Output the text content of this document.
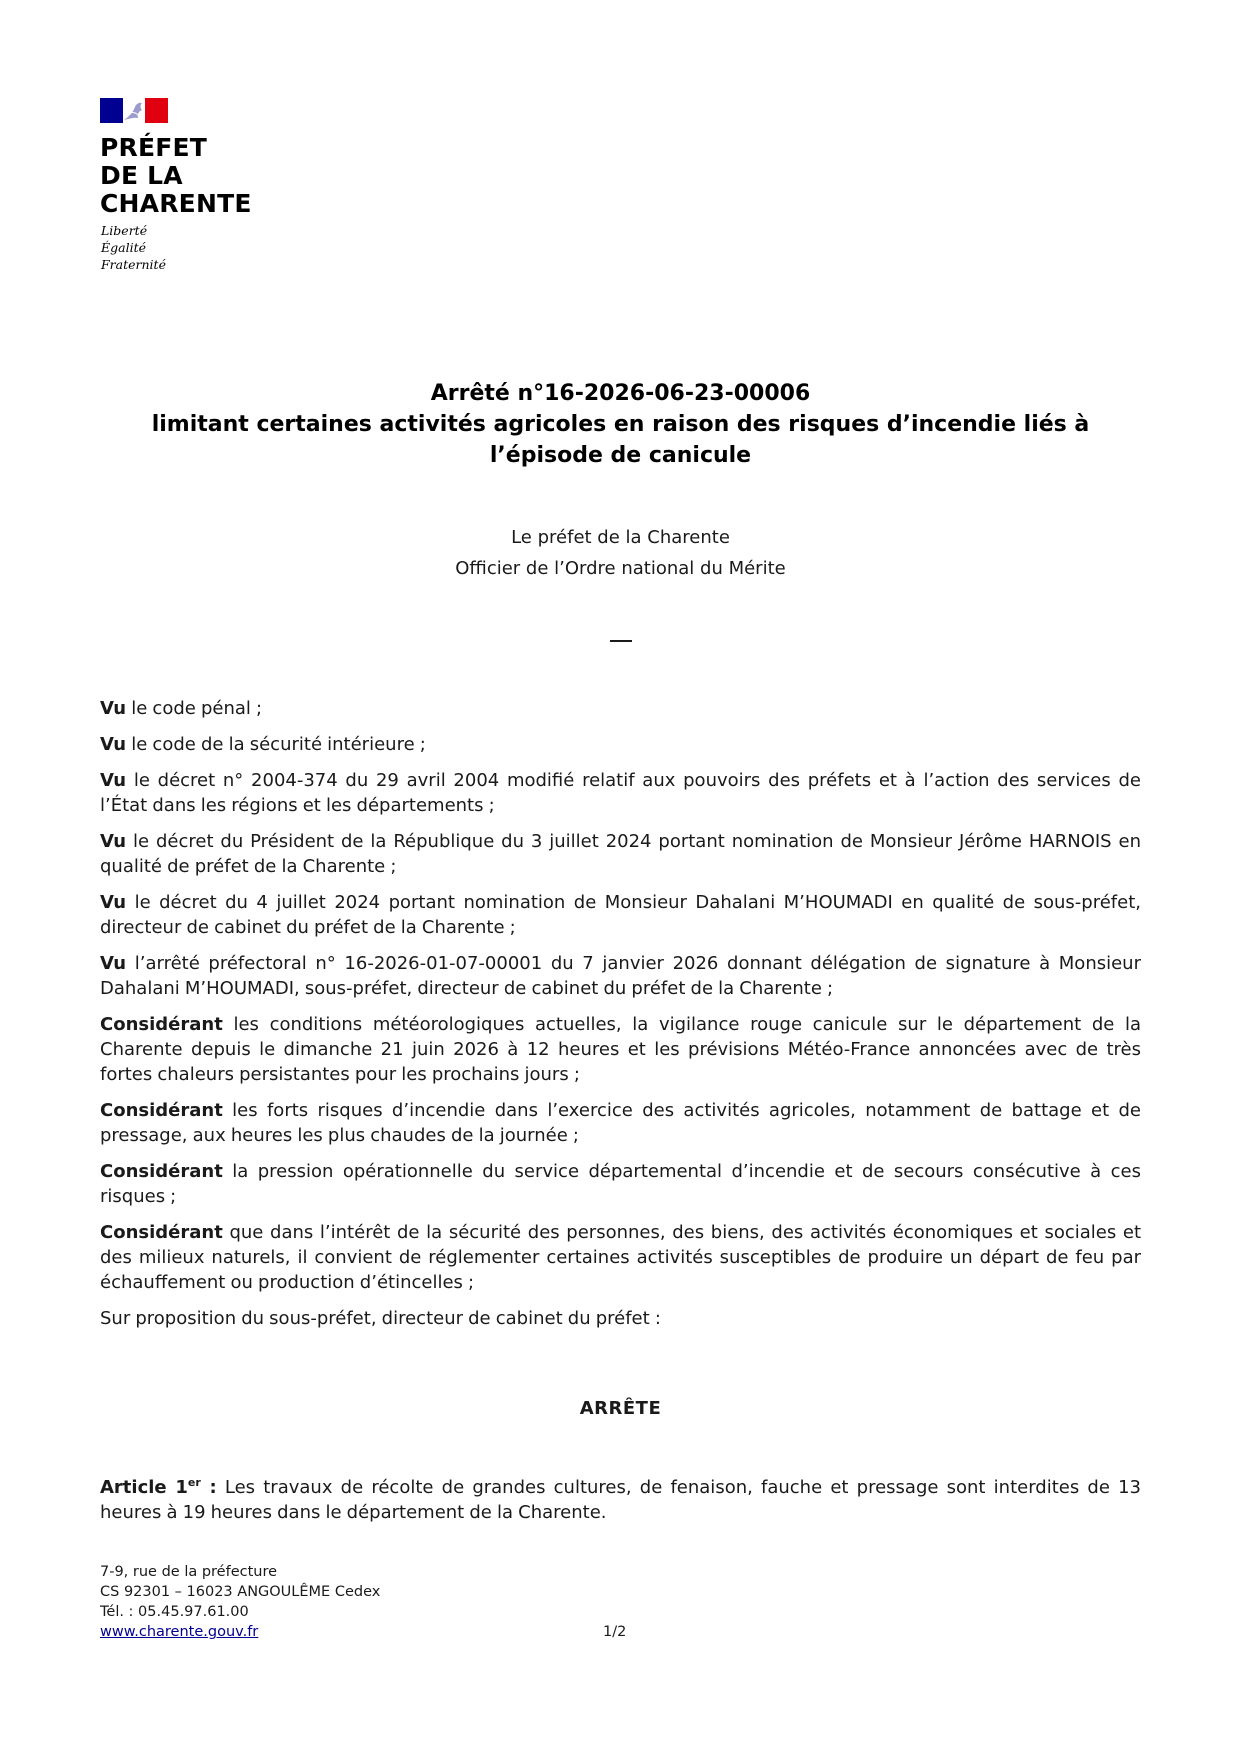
PRÉFET
DE LA
CHARENTE
Liberté
Égalité
Fraternité
Arrêté n°16-2026-06-23-00006
limitant certaines activités agricoles en raison des risques d’incendie liés à l’épisode de canicule
Le préfet de la Charente
Officier de l’Ordre national du Mérite

Vu le code pénal ;

Vu le code de la sécurité intérieure ;

Vu le décret n° 2004-374 du 29 avril 2004 modifié relatif aux pouvoirs des préfets et à l’action des services de l’État dans les régions et les départements ;

Vu le décret du Président de la République du 3 juillet 2024 portant nomination de Monsieur Jérôme HARNOIS en qualité de préfet de la Charente ;

Vu le décret du 4 juillet 2024 portant nomination de Monsieur Dahalani M’HOUMADI en qualité de sous-préfet, directeur de cabinet du préfet de la Charente ;

Vu l’arrêté préfectoral n° 16-2026-01-07-00001 du 7 janvier 2026 donnant délégation de signature à Monsieur Dahalani M’HOUMADI, sous-préfet, directeur de cabinet du préfet de la Charente ;

Considérant les conditions météorologiques actuelles, la vigilance rouge canicule sur le département de la Charente depuis le dimanche 21 juin 2026 à 12 heures et les prévisions Météo-France annoncées avec de très fortes chaleurs persistantes pour les prochains jours ;

Considérant les forts risques d’incendie dans l’exercice des activités agricoles, notamment de battage et de pressage, aux heures les plus chaudes de la journée ;

Considérant la pression opérationnelle du service départemental d’incendie et de secours consécutive à ces risques ;

Considérant que dans l’intérêt de la sécurité des personnes, des biens, des activités économiques et sociales et des milieux naturels, il convient de réglementer certaines activités susceptibles de produire un départ de feu par échauffement ou production d’étincelles ;

Sur proposition du sous-préfet, directeur de cabinet du préfet :

ARRÊTE
Article 1er : Les travaux de récolte de grandes cultures, de fenaison, fauche et pressage sont interdites de 13 heures à 19 heures dans le département de la Charente.
7-9, rue de la préfecture
CS 92301 – 16023 ANGOULÊME Cedex
Tél. : 05.45.97.61.00
www.charente.gouv.fr	1/2
